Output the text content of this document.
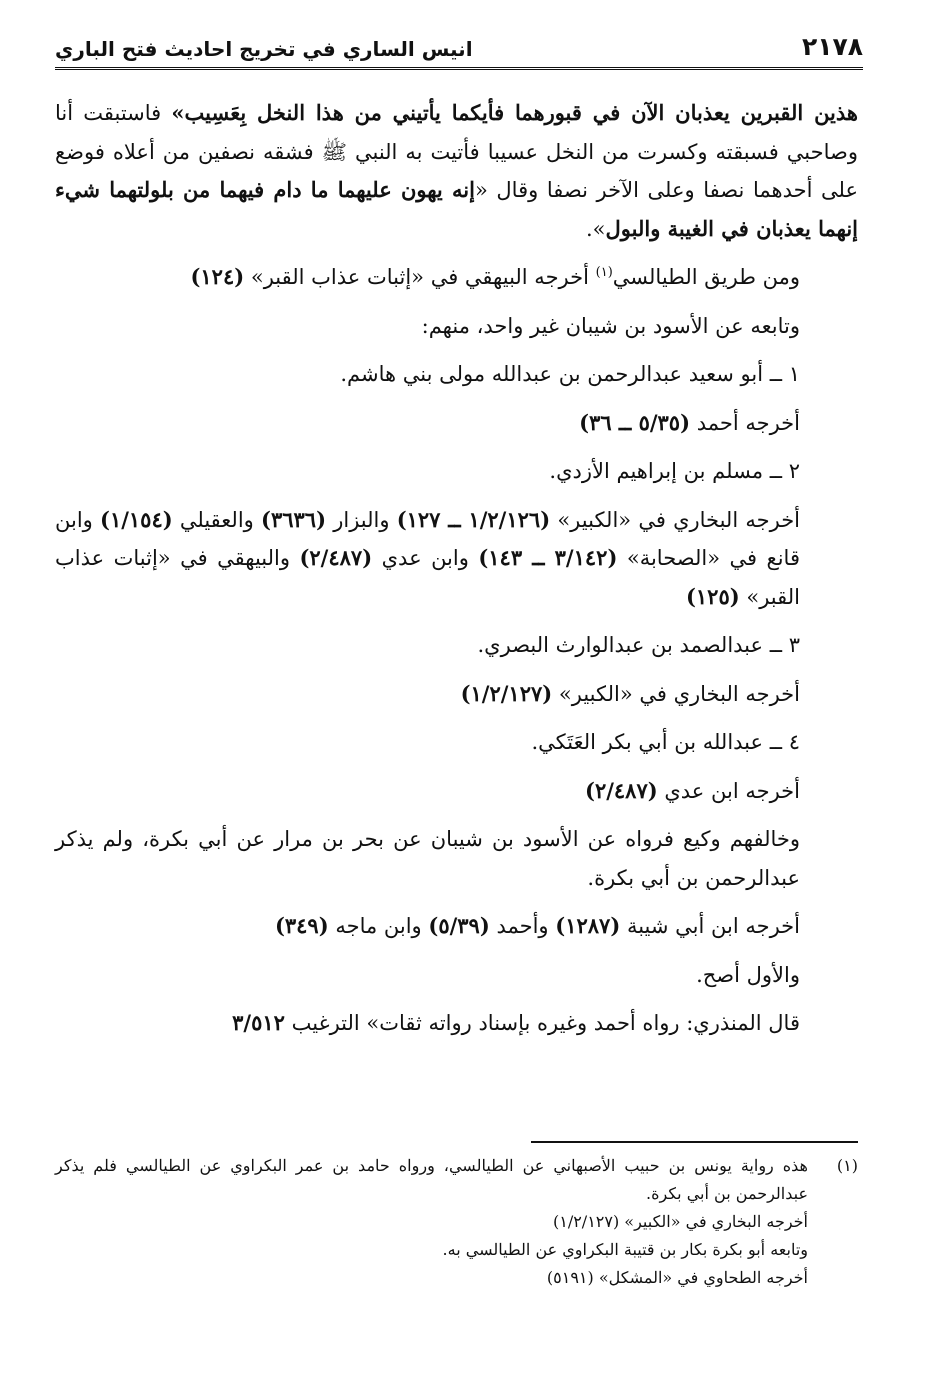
٢١٧٨
انيس الساري في تخريج احاديث فتح الباري

هذين القبرين يعذبان الآن في قبورهما فأيكما يأتيني من هذا النخل بِعَسِيب» فاستبقت أنا وصاحبي فسبقته وكسرت من النخل عسيبا فأتيت به النبي ﷺ فشقه نصفين من أعلاه فوضع على أحدهما نصفا وعلى الآخر نصفا وقال «إنه يهون عليهما ما دام فيهما من بلولتهما شيء إنهما يعذبان في الغيبة والبول».

ومن طريق الطيالسي$^{(١)}$ أخرجه البيهقي في «إثبات عذاب القبر» (١٢٤)

وتابعه عن الأسود بن شيبان غير واحد، منهم:

١ ــ أبو سعيد عبدالرحمن بن عبدالله مولى بني هاشم.

أخرجه أحمد (٥/٣٥ ــ ٣٦)

٢ ــ مسلم بن إبراهيم الأزدي.

أخرجه البخاري في «الكبير» (١/٢/١٢٦ ــ ١٢٧) والبزار (٣٦٣٦) والعقيلي (١/١٥٤) وابن قانع في «الصحابة» (٣/١٤٢ ــ ١٤٣) وابن عدي (٢/٤٨٧) والبيهقي في «إثبات عذاب القبر» (١٢٥)

٣ ــ عبدالصمد بن عبدالوارث البصري.

أخرجه البخاري في «الكبير» (١/٢/١٢٧)

٤ ــ عبدالله بن أبي بكر العَتَكي.

أخرجه ابن عدي (٢/٤٨٧)

وخالفهم وكيع فرواه عن الأسود بن شيبان عن بحر بن مرار عن أبي بكرة، ولم يذكر عبدالرحمن بن أبي بكرة.

أخرجه ابن أبي شيبة (١٢٨٧) وأحمد (٥/٣٩) وابن ماجه (٣٤٩)

والأول أصح.

قال المنذري: رواه أحمد وغيره بإسناد رواته ثقات» الترغيب ٣/٥١٢

(١)
هذه رواية يونس بن حبيب الأصبهاني عن الطيالسي، ورواه حامد بن عمر البكراوي عن الطيالسي فلم يذكر عبدالرحمن بن أبي بكرة.
أخرجه البخاري في «الكبير» (١/٢/١٢٧)
وتابعه أبو بكرة بكار بن قتيبة البكراوي عن الطيالسي به.
أخرجه الطحاوي في «المشكل» (٥١٩١)
